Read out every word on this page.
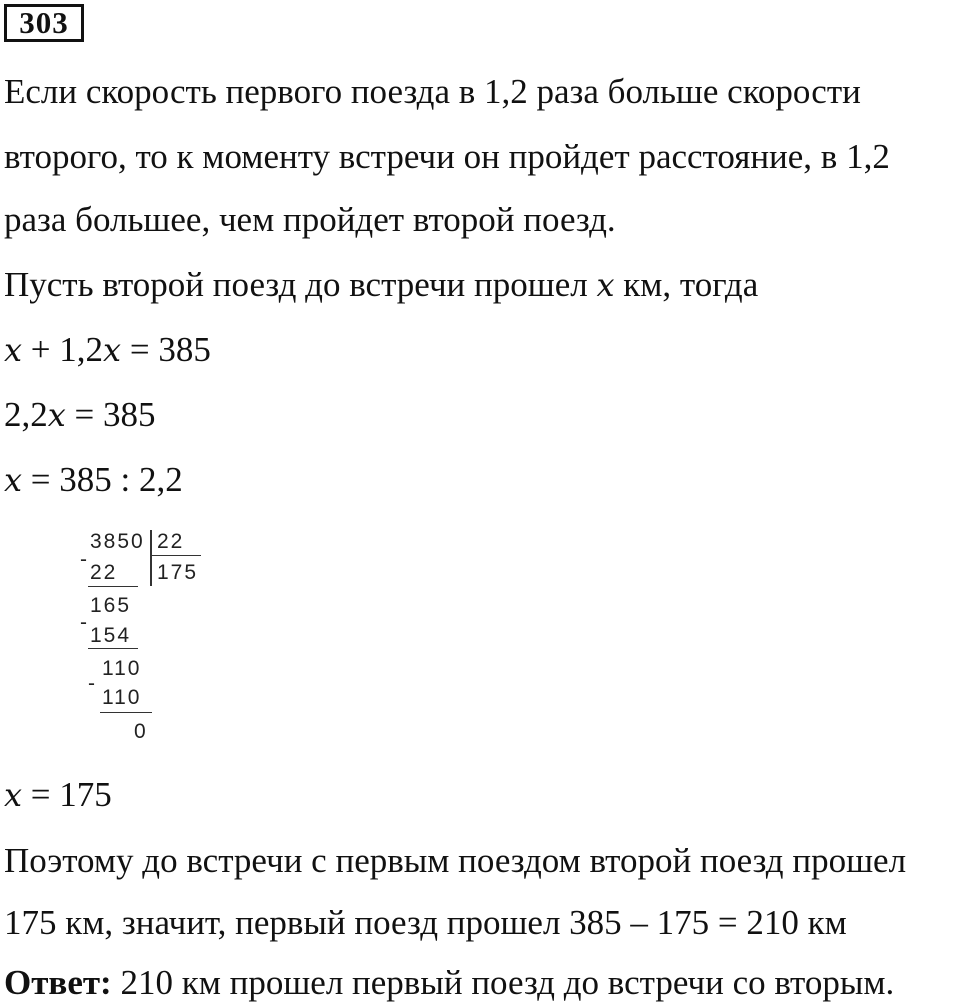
303
Если скорость первого поезда в 1,2 раза больше скорости
второго, то к моменту встречи он пройдет расстояние, в 1,2
раза большее, чем пройдет второй поезд.
Пусть второй поезд до встречи прошел x км, тогда
x + 1,2x = 385
2,2x = 385
x = 385 : 2,2
3850 22
175
-
22
165
-
154
110
-
110
0
x = 175
Поэтому до встречи с первым поездом второй поезд прошел
175 км, значит, первый поезд прошел 385 – 175 = 210 км
Ответ: 210 км прошел первый поезд до встречи со вторым.
